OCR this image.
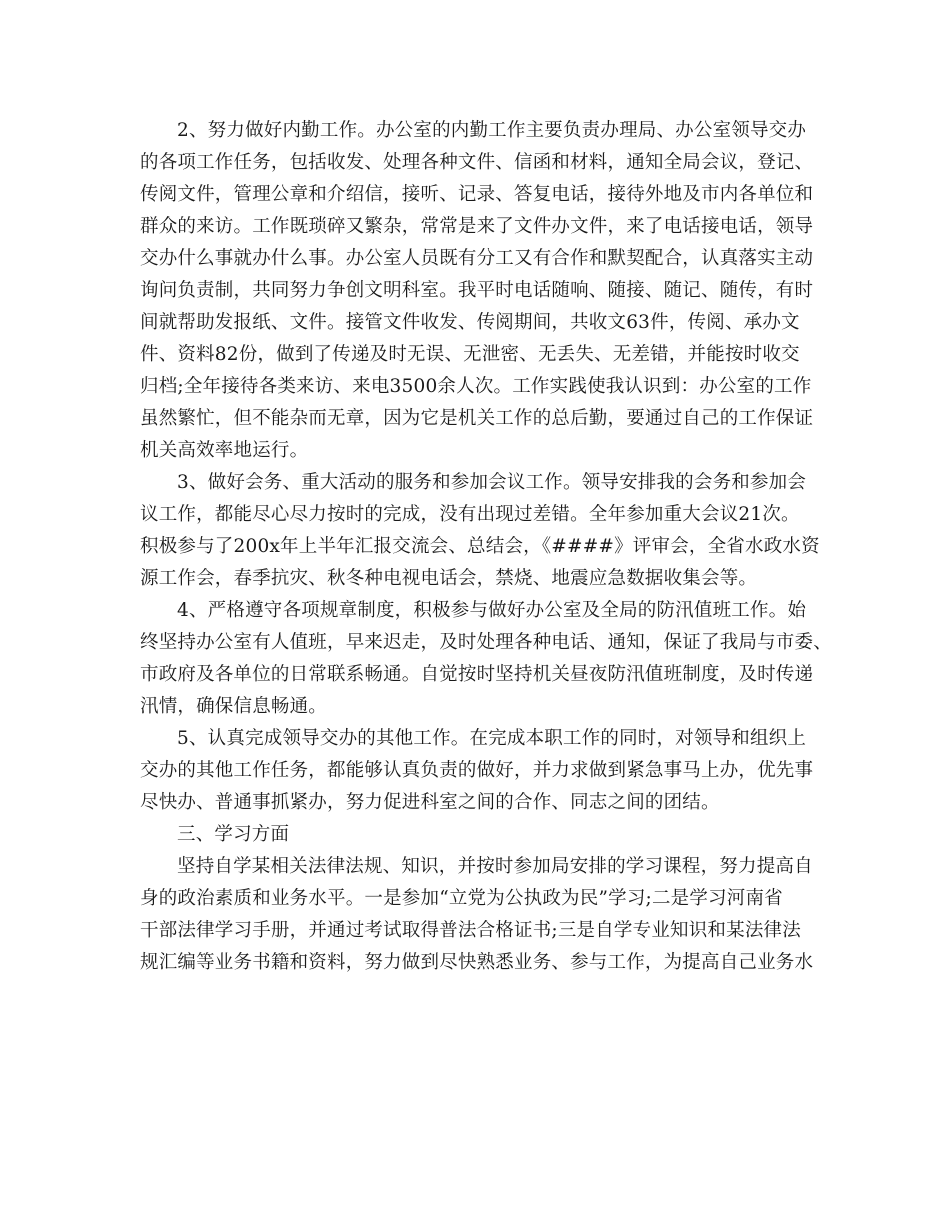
2、努力做好内勤工作。办公室的内勤工作主要负责办理局、办公室领导交办
的各项工作任务，包括收发、处理各种文件、信函和材料，通知全局会议，登记、
传阅文件，管理公章和介绍信，接听、记录、答复电话，接待外地及市内各单位和
群众的来访。工作既琐碎又繁杂，常常是来了文件办文件，来了电话接电话，领导
交办什么事就办什么事。办公室人员既有分工又有合作和默契配合，认真落实主动
询问负责制，共同努力争创文明科室。我平时电话随响、随接、随记、随传，有时
间就帮助发报纸、文件。接管文件收发、传阅期间，共收文63件，传阅、承办文
件、资料82份，做到了传递及时无误、无泄密、无丢失、无差错，并能按时收交
归档;全年接待各类来访、来电3500余人次。工作实践使我认识到：办公室的工作
虽然繁忙，但不能杂而无章，因为它是机关工作的总后勤，要通过自己的工作保证
机关高效率地运行。
3、做好会务、重大活动的服务和参加会议工作。领导安排我的会务和参加会
议工作，都能尽心尽力按时的完成，没有出现过差错。全年参加重大会议21次。
积极参与了200x年上半年汇报交流会、总结会，《####》评审会，全省水政水资
源工作会，春季抗灾、秋冬种电视电话会，禁烧、地震应急数据收集会等。
4、严格遵守各项规章制度，积极参与做好办公室及全局的防汛值班工作。始
终坚持办公室有人值班，早来迟走，及时处理各种电话、通知，保证了我局与市委、
市政府及各单位的日常联系畅通。自觉按时坚持机关昼夜防汛值班制度，及时传递
汛情，确保信息畅通。
5、认真完成领导交办的其他工作。在完成本职工作的同时，对领导和组织上
交办的其他工作任务，都能够认真负责的做好，并力求做到紧急事马上办，优先事
尽快办、普通事抓紧办，努力促进科室之间的合作、同志之间的团结。
三、学习方面
坚持自学某相关法律法规、知识，并按时参加局安排的学习课程，努力提高自
身的政治素质和业务水平。一是参加“立党为公执政为民”学习;二是学习河南省
干部法律学习手册，并通过考试取得普法合格证书;三是自学专业知识和某法律法
规汇编等业务书籍和资料，努力做到尽快熟悉业务、参与工作，为提高自己业务水
